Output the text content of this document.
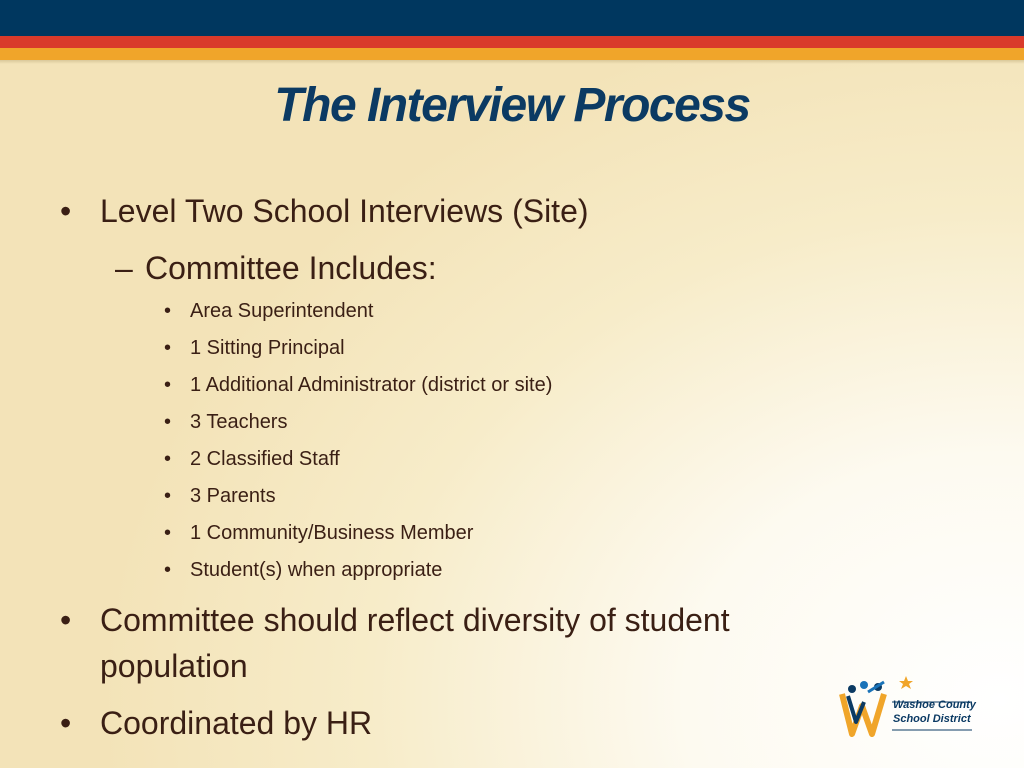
The Interview Process
• Level Two School Interviews (Site)
– Committee Includes:
• Area Superintendent
• 1 Sitting Principal
• 1 Additional Administrator (district or site)
• 3 Teachers
• 2 Classified Staff
• 3 Parents
• 1 Community/Business Member
• Student(s) when appropriate
• Committee should reflect diversity of student population
• Coordinated by HR	Washoe County
School District
